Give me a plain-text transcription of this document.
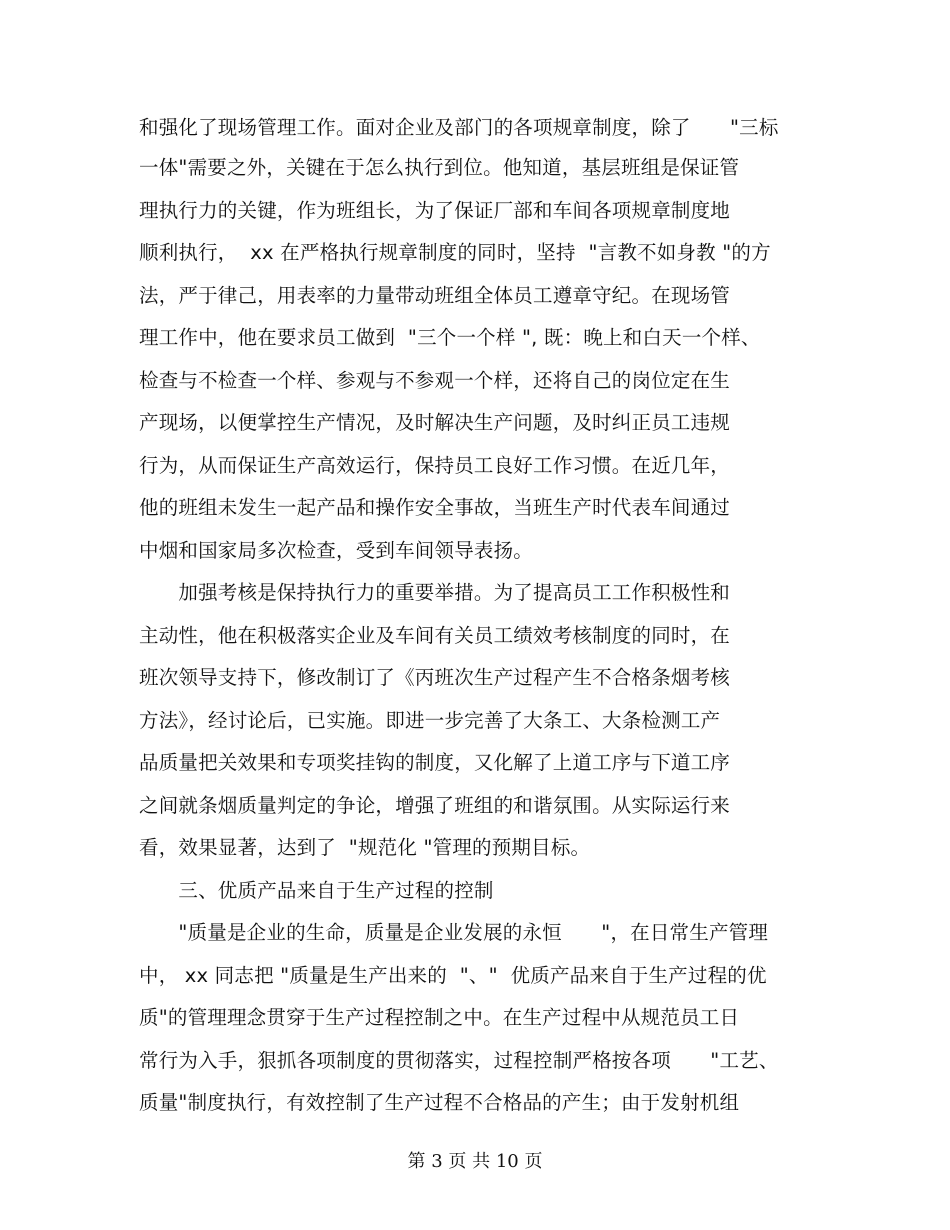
和强化了现场管理工作。面对企业及部门的各项规章制度，除了　　"三标
一体"需要之外，关键在于怎么执行到位。他知道，基层班组是保证管
理执行力的关键，作为班组长，为了保证厂部和车间各项规章制度地
顺利执行，  xx 在严格执行规章制度的同时，坚持  "言教不如身教 "的方
法，严于律己，用表率的力量带动班组全体员工遵章守纪。在现场管
理工作中，他在要求员工做到  "三个一个样 ", 既：晚上和白天一个样、
检查与不检查一个样、参观与不参观一个样，还将自己的岗位定在生
产现场，以便掌控生产情况，及时解决生产问题，及时纠正员工违规
行为，从而保证生产高效运行，保持员工良好工作习惯。在近几年，
他的班组未发生一起产品和操作安全事故，当班生产时代表车间通过
中烟和国家局多次检查，受到车间领导表扬。
　　加强考核是保持执行力的重要举措。为了提高员工工作积极性和
主动性，他在积极落实企业及车间有关员工绩效考核制度的同时，在
班次领导支持下，修改制订了《丙班次生产过程产生不合格条烟考核
方法》，经讨论后，已实施。即进一步完善了大条工、大条检测工产
品质量把关效果和专项奖挂钩的制度，又化解了上道工序与下道工序
之间就条烟质量判定的争论，增强了班组的和谐氛围。从实际运行来
看，效果显著，达到了  "规范化 "管理的预期目标。
　　三、优质产品来自于生产过程的控制
　　"质量是企业的生命，质量是企业发展的永恒　　"，在日常生产管理
中， xx 同志把 "质量是生产出来的  "、"  优质产品来自于生产过程的优
质"的管理理念贯穿于生产过程控制之中。在生产过程中从规范员工日
常行为入手，狠抓各项制度的贯彻落实，过程控制严格按各项　　"工艺、
质量"制度执行，有效控制了生产过程不合格品的产生；由于发射机组
第 3 页 共 10 页
